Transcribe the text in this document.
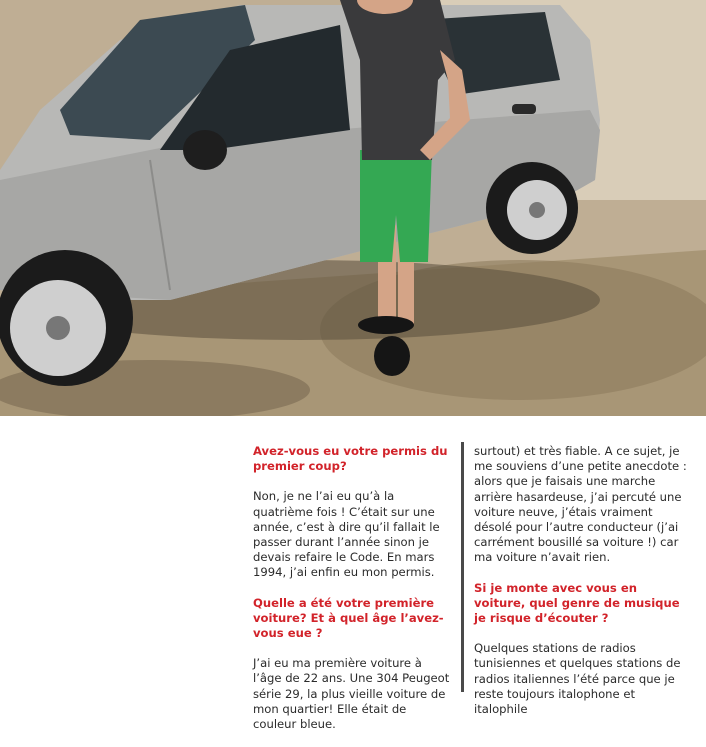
Avez-vous eu votre permis du premier coup?

Non, je ne l’ai eu qu’à la quatrième fois ! C’était sur une année, c’est à dire qu’il fallait le passer durant l’année sinon je devais refaire le Code. En mars 1994, j’ai enfin eu mon permis.

Quelle a été votre première voiture? Et à quel âge l’avez-vous eue ?

J’ai eu ma première voiture à l’âge de 22 ans. Une 304 Peugeot série 29, la plus vieille voiture de mon quartier! Elle était de couleur bleue.

surtout) et très fiable. A ce sujet, je me souviens d’une petite anecdote : alors que je faisais une marche arrière hasardeuse, j’ai percuté une voiture neuve, j’étais vraiment désolé pour l’autre conducteur (j’ai carrément bousillé sa voiture !) car ma voiture n’avait rien.

Si je monte avec vous en voiture, quel genre de musique je risque d’écouter ?

Quelques stations de radios tunisiennes et quelques stations de radios italiennes l’été parce que je reste toujours italophone et italophile
